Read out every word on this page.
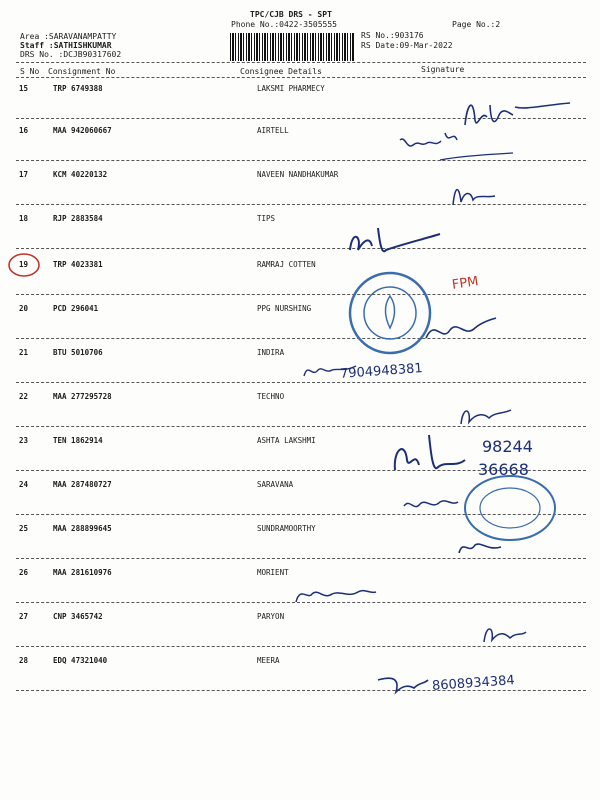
TPC/CJB DRS - SPT
Phone No.:0422-3505555	Page No.:2
Area :SARAVANAMPATTY
Staff :SATHISHKUMAR
DRS No. :DCJB90317602
RS No.:903176
RS Date:09-Mar-2022
S No Consignment No	Consignee Details	Signature
15	TRP 6749388	LAKSMI PHARMECY
16	MAA 942060667	AIRTELL
17	KCM 40220132	NAVEEN NANDHAKUMAR
18	RJP 2883584	TIPS
19	TRP 4023381	RAMRAJ COTTEN
20	PCD 296041	PPG NURSHING
21	BTU 5010706	INDIRA
22	MAA 277295728	TECHNO
23	TEN 1862914	ASHTA LAKSHMI
24	MAA 287480727	SARAVANA
25	MAA 288899645	SUNDRAMOORTHY
26	MAA 281610976	MORIENT
27	CNP 3465742	PARYON
28	EDQ 47321040	MEERA
FPM
7904948381
98244
36668
8608934384
